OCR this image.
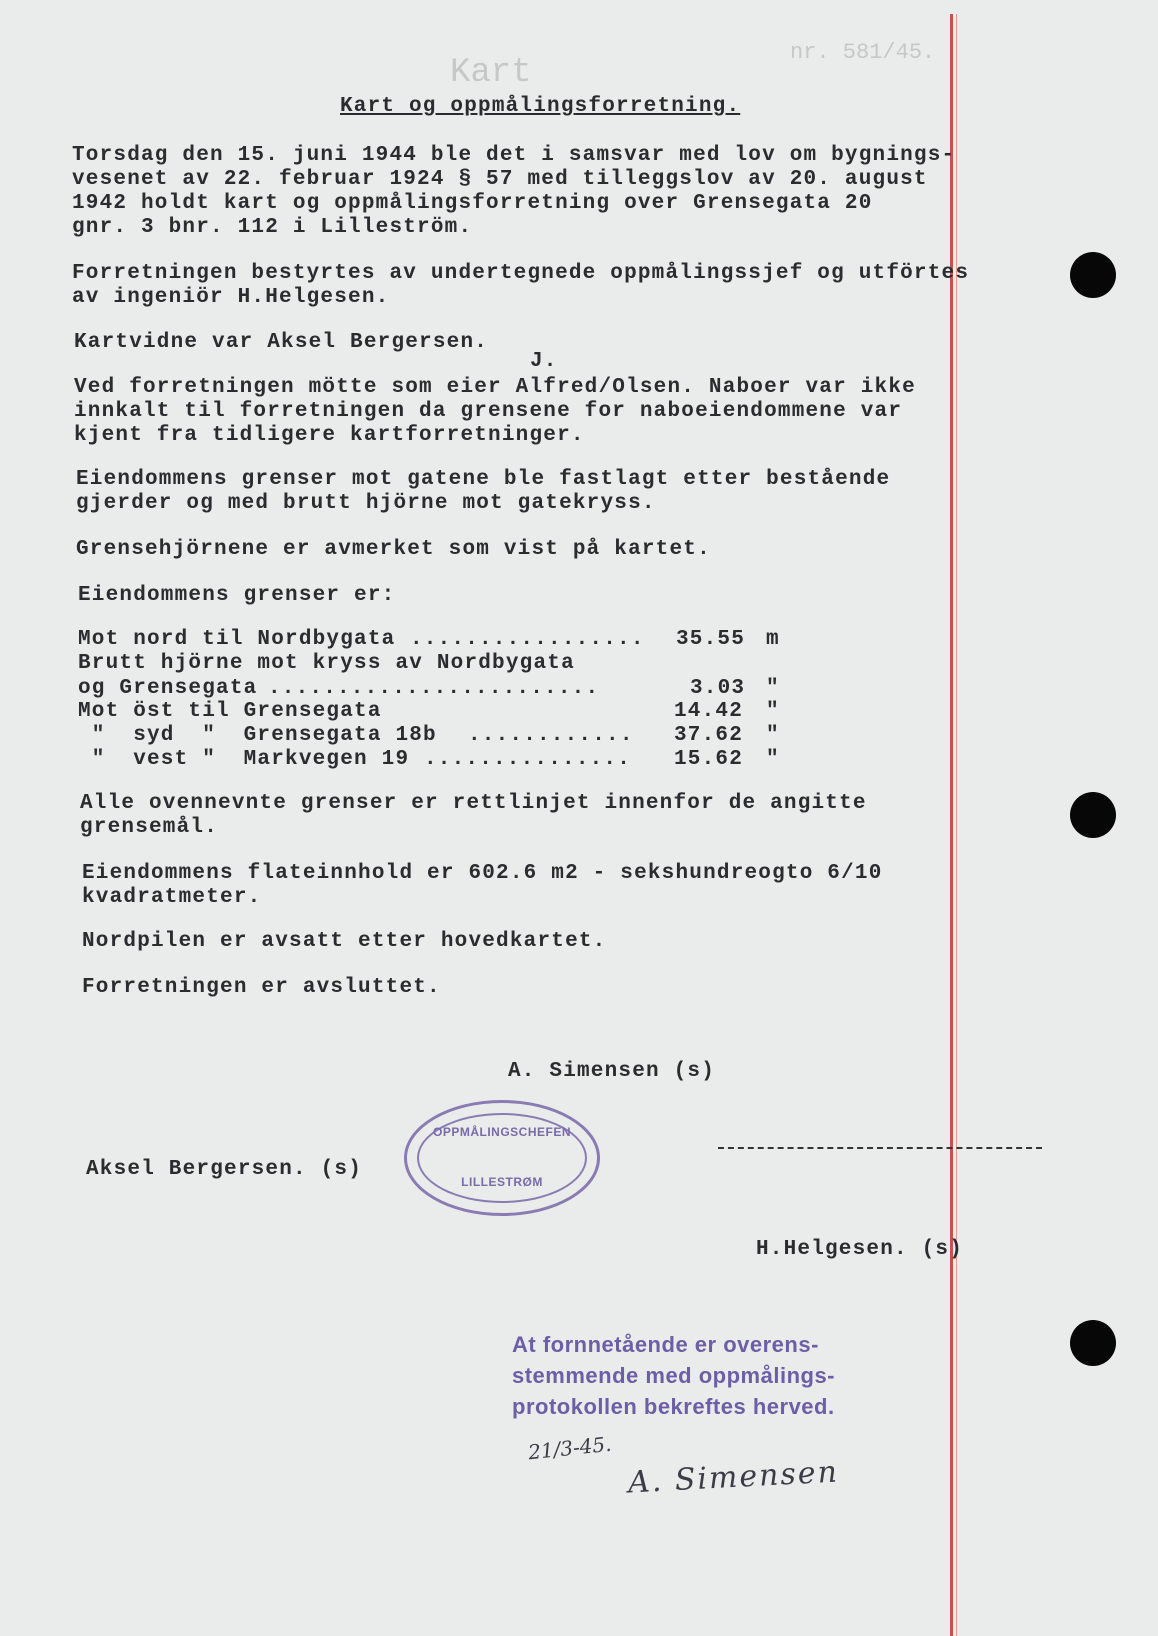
nr. 581/45.
Kart
Kart og oppmålingsforretning.
Torsdag den 15. juni 1944 ble det i samsvar med lov om bygnings-
vesenet av 22. februar 1924 § 57 med tilleggslov av 20. august
1942 holdt kart og oppmålingsforretning over Grensegata 20
gnr. 3 bnr. 112 i Lilleström.
Forretningen bestyrtes av undertegnede oppmålingssjef og utförtes
av ingeniör H.Helgesen.
Kartvidne var Aksel Bergersen.
J.
Ved forretningen mötte som eier Alfred/Olsen. Naboer var ikke
innkalt til forretningen da grensene for naboeiendommene var
kjent fra tidligere kartforretninger.
Eiendommens grenser mot gatene ble fastlagt etter bestående
gjerder og med brutt hjörne mot gatekryss.
Grensehjörnene er avmerket som vist på kartet.
Eiendommens grenser er:

Mot nord til Nordbygata

.................

35.55

m

Brutt hjörne mot kryss av Nordbygata

og Grensegata

........................

	3.03

"

Mot öst til Grensegata

	14.42

"

"  syd  "  Grensegata 18b

............

37.62

"

"  vest "  Markvegen 19

...............

15.62

"

Alle ovennevnte grenser er rettlinjet innenfor de angitte
grensemål.
Eiendommens flateinnhold er 602.6 m2 - sekshundreogto 6/10
kvadratmeter.
Nordpilen er avsatt etter hovedkartet.
Forretningen er avsluttet.
A. Simensen (s)
Aksel Bergersen. (s)
H.Helgesen. (s)
OPPMÅLINGSCHEFEN
LILLESTRØM
At fornnetående er overens-
stemmende med oppmålings-
protokollen bekreftes herved.
21/3-45.
A. Simensen
